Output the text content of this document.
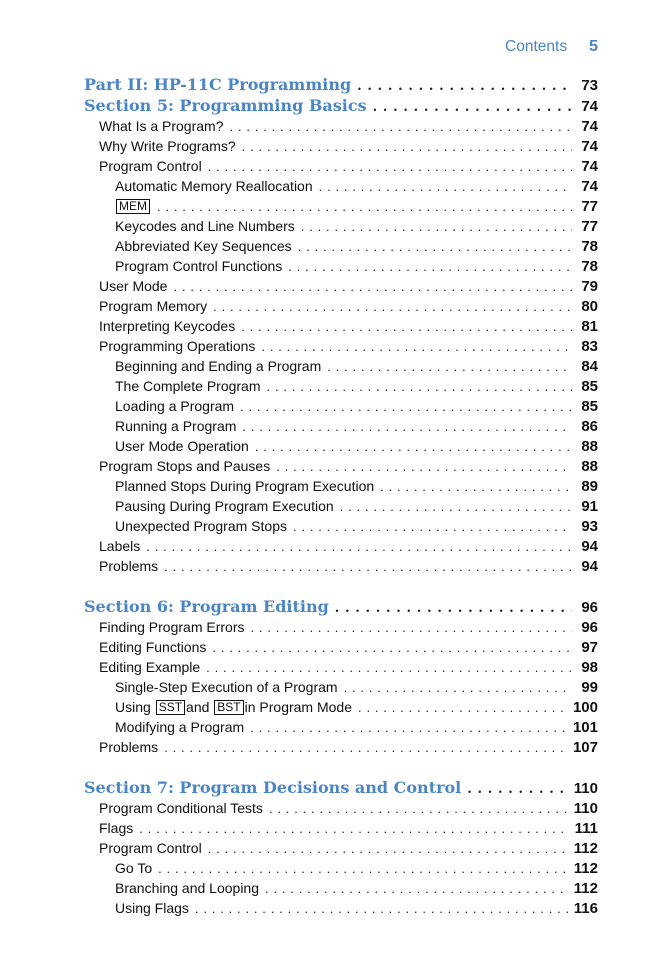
Contents 5
Part II: HP-11C Programming . . .	73
Section 5: Programming Basics . . .	74
What Is a Program? . . .	74
Why Write Programs? . . .	74
Program Control . . .	74
Automatic Memory Reallocation . . .	74
MEM . . .	77
Keycodes and Line Numbers . . .	77
Abbreviated Key Sequences . . .	78
Program Control Functions . . .	78
User Mode . . .	79
Program Memory . . .	80
Interpreting Keycodes . . .	81
Programming Operations . . .	83
Beginning and Ending a Program . . .	84
The Complete Program . . .	85
Loading a Program . . .	85
Running a Program . . .	86
User Mode Operation . . .	88
Program Stops and Pauses . . .	88
Planned Stops During Program Execution . . .	89
Pausing During Program Execution . . .	91
Unexpected Program Stops . . .	93
Labels . . .	94
Problems . . .	94
Section 6: Program Editing . . .	96
Finding Program Errors . . .	96
Editing Functions . . .	97
Editing Example . . .	98
Single-Step Execution of a Program . . .	99
Using SST and BST in Program Mode . . .	100
Modifying a Program . . .	101
Problems . . .	107
Section 7: Program Decisions and Control . . .	110
Program Conditional Tests . . .	110
Flags . . .	111
Program Control . . .	112
Go To . . .	112
Branching and Looping . . .	112
Using Flags . . .	116
